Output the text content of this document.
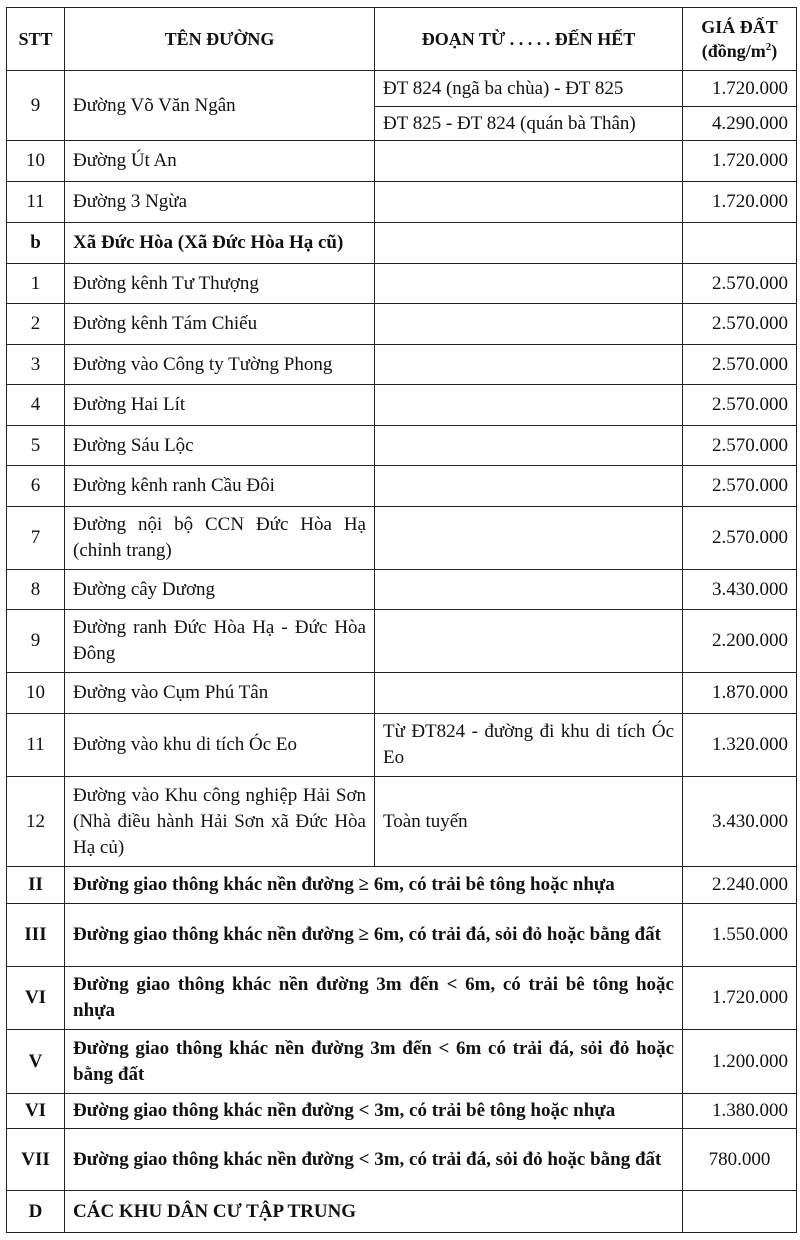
STT	TÊN ĐƯỜNG	ĐOẠN TỪ . . . . . ĐẾN HẾT	GIÁ ĐẤT
$(đồng/m^2)$

9	Đường Võ Văn Ngân	ĐT 824 (ngã ba chùa) - ĐT 825	1.720.000
		ĐT 825 - ĐT 824 (quán bà Thân)	4.290.000
10	Đường Út An		1.720.000
11	Đường 3 Ngừa		1.720.000
b	Xã Đức Hòa (Xã Đức Hòa Hạ cũ)		
1	Đường kênh Tư Thượng		2.570.000
2	Đường kênh Tám Chiếu		2.570.000
3	Đường vào Công ty Tường Phong		2.570.000
4	Đường Hai Lít		2.570.000
5	Đường Sáu Lộc		2.570.000
6	Đường kênh ranh Cầu Đôi		2.570.000
7	Đường nội bộ CCN Đức Hòa Hạ (chỉnh trang)		2.570.000
8	Đường cây Dương		3.430.000
9	Đường ranh Đức Hòa Hạ - Đức Hòa Đông		2.200.000
10	Đường vào Cụm Phú Tân		1.870.000
11	Đường vào khu di tích Óc Eo	Từ ĐT824 - đường đi khu di tích Óc Eo	1.320.000
12	Đường vào Khu công nghiệp Hải Sơn (Nhà điều hành Hải Sơn xã Đức Hòa Hạ củ)	Toàn tuyến	3.430.000
II	Đường giao thông khác nền đường ≥ 6m, có trải bê tông hoặc nhựa		2.240.000
III	Đường giao thông khác nền đường ≥ 6m, có trải đá, sỏi đỏ hoặc bằng đất		1.550.000
VI	Đường giao thông khác nền đường 3m đến < 6m, có trải bê tông hoặc nhựa		1.720.000
V	Đường giao thông khác nền đường 3m đến < 6m có trải đá, sỏi đỏ hoặc bằng đất		1.200.000
VI	Đường giao thông khác nền đường < 3m, có trải bê tông hoặc nhựa		1.380.000
VII	Đường giao thông khác nền đường < 3m, có trải đá, sỏi đỏ hoặc bằng đất		780.000
D	CÁC KHU DÂN CƯ TẬP TRUNG		
